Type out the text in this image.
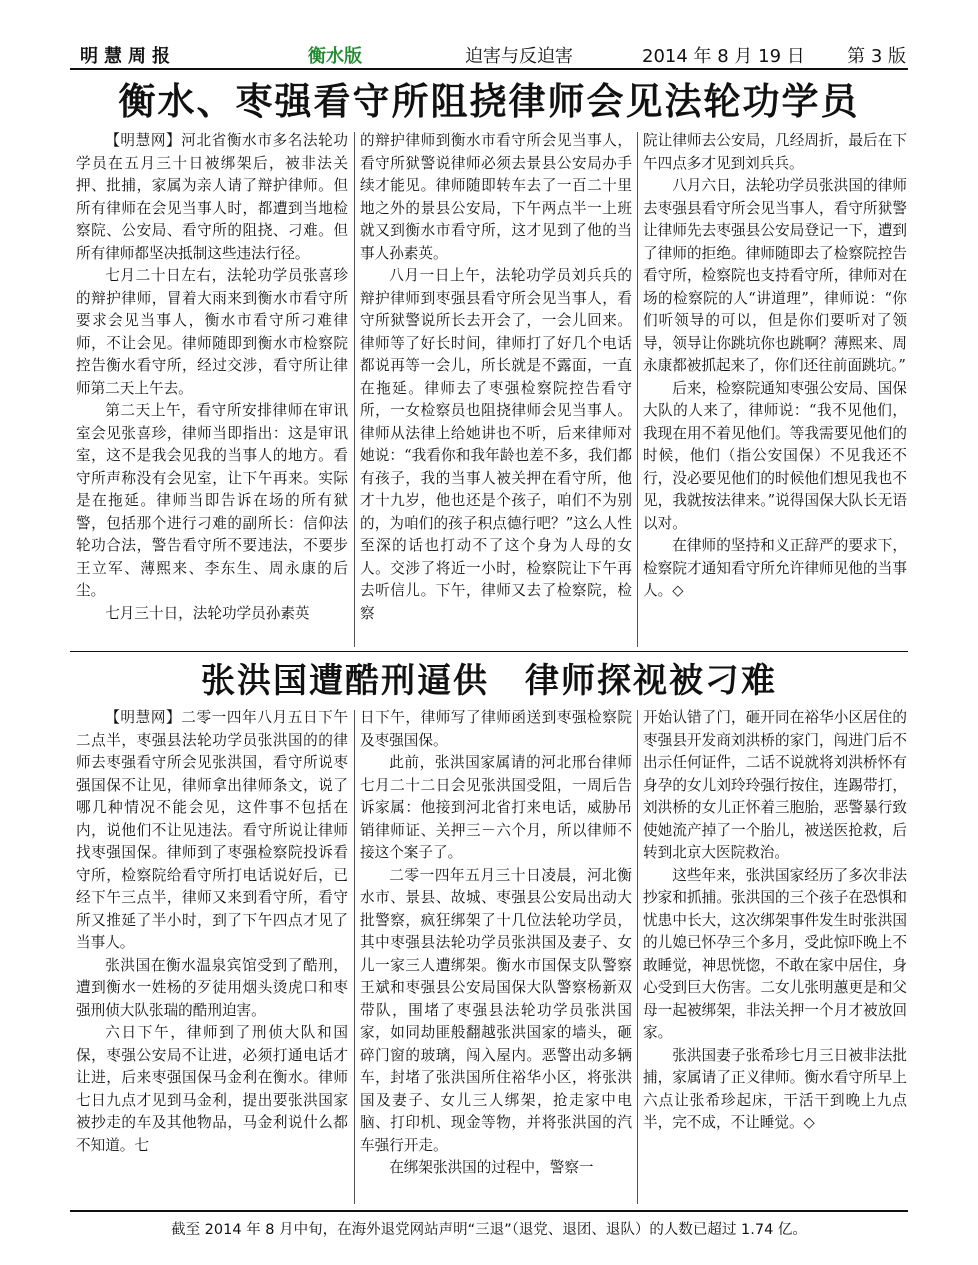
明慧周报	衡水版	迫害与反迫害	2014 年 8 月 19 日 第 3 版
衡水、枣强看守所阻挠律师会见法轮功学员

【明慧网】河北省衡水市多名法轮功学员在五月三十日被绑架后，被非法关押、批捕，家属为亲人请了辩护律师。但所有律师在会见当事人时，都遭到当地检察院、公安局、看守所的阻挠、刁难。但所有律师都坚决抵制这些违法行径。

七月二十日左右，法轮功学员张喜珍的辩护律师，冒着大雨来到衡水市看守所要求会见当事人，衡水市看守所刁难律师，不让会见。律师随即到衡水市检察院控告衡水看守所，经过交涉，看守所让律师第二天上午去。

第二天上午，看守所安排律师在审讯室会见张喜珍，律师当即指出：这是审讯室，这不是我会见我的当事人的地方。看守所声称没有会见室，让下午再来。实际是在拖延。律师当即告诉在场的所有狱警，包括那个进行刁难的副所长：信仰法轮功合法，警告看守所不要违法，不要步王立军、薄熙来、李东生、周永康的后尘。

七月三十日，法轮功学员孙素英

的辩护律师到衡水市看守所会见当事人，看守所狱警说律师必须去景县公安局办手续才能见。律师随即转车去了一百二十里地之外的景县公安局，下午两点半一上班就又到衡水市看守所，这才见到了他的当事人孙素英。

八月一日上午，法轮功学员刘兵兵的辩护律师到枣强县看守所会见当事人，看守所狱警说所长去开会了，一会儿回来。律师等了好长时间，律师打了好几个电话都说再等一会儿，所长就是不露面，一直在拖延。律师去了枣强检察院控告看守所，一女检察员也阻挠律师会见当事人。律师从法律上给她讲也不听，后来律师对她说：“我看你和我年龄也差不多，我们都有孩子，我的当事人被关押在看守所，他才十九岁，他也还是个孩子，咱们不为别的，为咱们的孩子积点德行吧？”这么人性至深的话也打动不了这个身为人母的女人。交涉了将近一小时，检察院让下午再去听信儿。下午，律师又去了检察院，检察

院让律师去公安局，几经周折，最后在下午四点多才见到刘兵兵。

八月六日，法轮功学员张洪国的律师去枣强县看守所会见当事人，看守所狱警让律师先去枣强县公安局登记一下，遭到了律师的拒绝。律师随即去了检察院控告看守所，检察院也支持看守所，律师对在场的检察院的人“讲道理”，律师说：“你们听领导的可以，但是你们要听对了领导，领导让你跳坑你也跳啊？薄熙来、周永康都被抓起来了，你们还往前面跳坑。”

后来，检察院通知枣强公安局、国保大队的人来了，律师说：“我不见他们，我现在用不着见他们。等我需要见他们的时候，他们（指公安国保）不见我还不行，没必要见他们的时候他们想见我也不见，我就按法律来。”说得国保大队长无语以对。

在律师的坚持和义正辞严的要求下，检察院才通知看守所允许律师见他的当事人。◇

张洪国遭酷刑逼供　律师探视被刁难

【明慧网】二零一四年八月五日下午二点半，枣强县法轮功学员张洪国的的律师去枣强看守所会见张洪国，看守所说枣强国保不让见，律师拿出律师条文，说了哪几种情况不能会见，这件事不包括在内，说他们不让见违法。看守所说让律师找枣强国保。律师到了枣强检察院投诉看守所，检察院给看守所打电话说好后，已经下午三点半，律师又来到看守所，看守所又推延了半小时，到了下午四点才见了当事人。

张洪国在衡水温泉宾馆受到了酷刑，遭到衡水一姓杨的歹徒用烟头烫虎口和枣强刑侦大队张瑞的酷刑迫害。

六日下午，律师到了刑侦大队和国保，枣强公安局不让进，必须打通电话才让进，后来枣强国保马金利在衡水。律师七日九点才见到马金利，提出要张洪国家被抄走的车及其他物品，马金利说什么都不知道。七

日下午，律师写了律师函送到枣强检察院及枣强国保。

此前，张洪国家属请的河北邢台律师七月二十二日会见张洪国受阻，一周后告诉家属：他接到河北省打来电话，威胁吊销律师证、关押三－六个月，所以律师不接这个案子了。

二零一四年五月三十日凌晨，河北衡水市、景县、故城、枣强县公安局出动大批警察，疯狂绑架了十几位法轮功学员，其中枣强县法轮功学员张洪国及妻子、女儿一家三人遭绑架。衡水市国保支队警察王斌和枣强县公安局国保大队警察杨新双带队，围堵了枣强县法轮功学员张洪国家，如同劫匪般翻越张洪国家的墙头，砸碎门窗的玻璃，闯入屋内。恶警出动多辆车，封堵了张洪国所住裕华小区，将张洪国及妻子、女儿三人绑架，抢走家中电脑、打印机、现金等物，并将张洪国的汽车强行开走。

在绑架张洪国的过程中，警察一

开始认错了门，砸开同在裕华小区居住的枣强县开发商刘洪桥的家门，闯进门后不出示任何证件，二话不说就将刘洪桥怀有身孕的女儿刘玲玲强行按住，连踢带打，刘洪桥的女儿正怀着三胞胎，恶警暴行致使她流产掉了一个胎儿，被送医抢救，后转到北京大医院救治。

这些年来，张洪国家经历了多次非法抄家和抓捕。张洪国的三个孩子在恐惧和忧患中长大，这次绑架事件发生时张洪国的儿媳已怀孕三个多月，受此惊吓晚上不敢睡觉，神思恍惚，不敢在家中居住，身心受到巨大伤害。二女儿张明蕙更是和父母一起被绑架，非法关押一个月才被放回家。

张洪国妻子张希珍七月三日被非法批捕，家属请了正义律师。衡水看守所早上六点让张希珍起床，干活干到晚上九点半，完不成，不让睡觉。◇

截至 2014 年 8 月中旬，在海外退党网站声明“三退”（退党、退团、退队）的人数已超过 1.74 亿。
